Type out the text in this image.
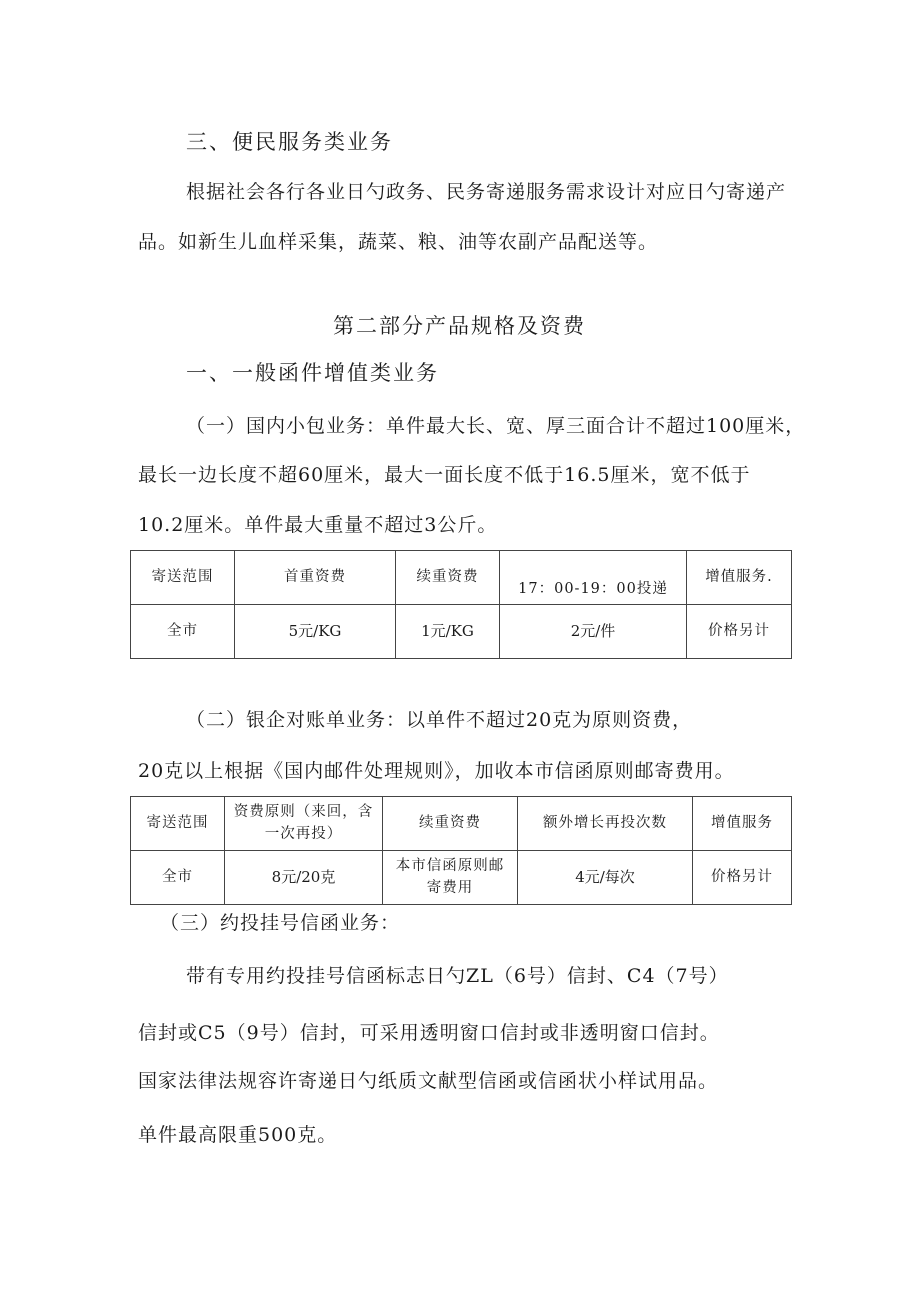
三、便民服务类业务
根据社会各行各业日勺政务、民务寄递服务需求设计对应日勺寄递产
品。如新生儿血样采集，蔬菜、粮、油等农副产品配送等。
第二部分产品规格及资费
一、一般函件增值类业务
（一）国内小包业务：单件最大长、宽、厚三面合计不超过100厘米，
最长一边长度不超60厘米，最大一面长度不低于16.5厘米，宽不低于
10.2厘米。单件最大重量不超过3公斤。
寄送范围	首重资费	续重资费	17：00-19：00投递	增值服务.
全市	5元/KG	1元/KG	2元/件	价格另计
（二）银企对账单业务：以单件不超过20克为原则资费，
20克以上根据《国内邮件处理规则》，加收本市信函原则邮寄费用。
寄送范围	资费原则（来回，含
一次再投）	续重资费	额外增长再投次数	增值服务
全市	8元/20克	本市信函原则邮
寄费用	4元/每次	价格另计
（三）约投挂号信函业务：
带有专用约投挂号信函标志日勺ZL（6号）信封、C4（7号）
信封或C5（9号）信封，可采用透明窗口信封或非透明窗口信封。
国家法律法规容许寄递日勺纸质文献型信函或信函状小样试用品。
单件最高限重500克。
